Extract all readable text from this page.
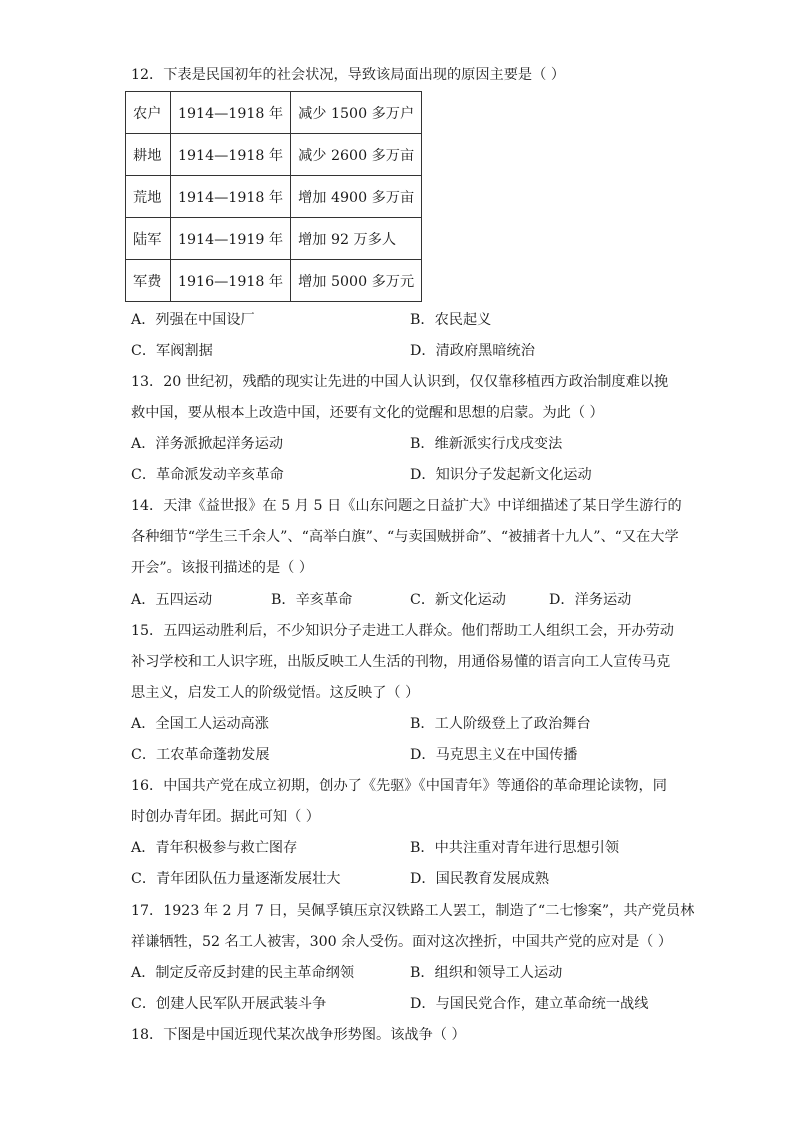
12．下表是民国初年的社会状况，导致该局面出现的原因主要是（ ）
农户	1914—1918 年	减少 1500 多万户
耕地	1914—1918 年	减少 2600 多万亩
荒地	1914—1918 年	增加 4900 多万亩
陆军	1914—1919 年	增加 92 万多人
军费	1916—1918 年	增加 5000 多万元
A．列强在中国设厂	B．农民起义
C．军阀割据	D．清政府黑暗统治
13．20 世纪初，残酷的现实让先进的中国人认识到，仅仅靠移植西方政治制度难以挽
救中国，要从根本上改造中国，还要有文化的觉醒和思想的启蒙。为此（ ）
A．洋务派掀起洋务运动	B．维新派实行戊戌变法
C．革命派发动辛亥革命	D．知识分子发起新文化运动
14．天津《益世报》在 5 月 5 日《山东问题之日益扩大》中详细描述了某日学生游行的
各种细节“学生三千余人”、“高举白旗”、“与卖国贼拼命”、“被捕者十九人”、“又在大学
开会”。该报刊描述的是（ ）
A．五四运动	B．辛亥革命	C．新文化运动	D．洋务运动
15．五四运动胜利后，不少知识分子走进工人群众。他们帮助工人组织工会，开办劳动
补习学校和工人识字班，出版反映工人生活的刊物，用通俗易懂的语言向工人宣传马克
思主义，启发工人的阶级觉悟。这反映了（ ）
A．全国工人运动高涨	B．工人阶级登上了政治舞台
C．工农革命蓬勃发展	D．马克思主义在中国传播
16．中国共产党在成立初期，创办了《先驱》《中国青年》等通俗的革命理论读物，同
时创办青年团。据此可知（ ）
A．青年积极参与救亡图存	B．中共注重对青年进行思想引领
C．青年团队伍力量逐渐发展壮大	D．国民教育发展成熟
17．1923 年 2 月 7 日，吴佩孚镇压京汉铁路工人罢工，制造了“二七惨案”，共产党员林
祥谦牺牲，52 名工人被害，300 余人受伤。面对这次挫折，中国共产党的应对是（ ）
A．制定反帝反封建的民主革命纲领	B．组织和领导工人运动
C．创建人民军队开展武装斗争	D．与国民党合作，建立革命统一战线
18．下图是中国近现代某次战争形势图。该战争（ ）
